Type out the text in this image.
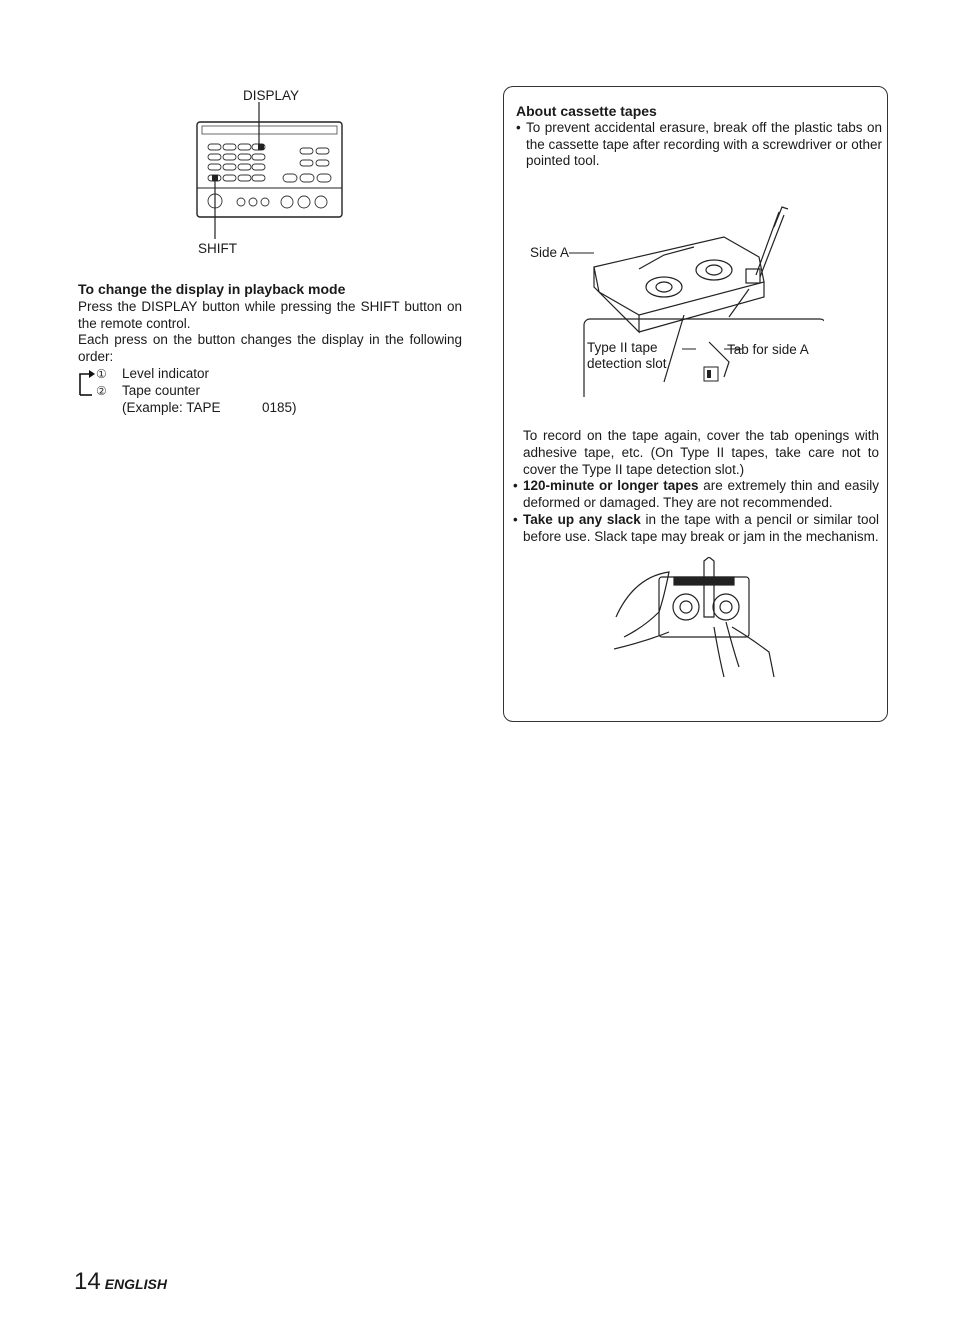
DISPLAY
SHIFT

To change the display in playback mode

Press the DISPLAY button while pressing the SHIFT button on the remote control.

Each press on the button changes the display in the following order:

① Level indicator
② Tape counter
(Example: TAPE	0185)

About cassette tapes

• To prevent accidental erasure, break off the plastic tabs on the cassette tape after recording with a screwdriver or other pointed tool.

Side A
Type II tape detection slot
Tab for side A

To record on the tape again, cover the tab openings with adhesive tape, etc. (On Type II tapes, take care not to cover the Type II tape detection slot.)

• 120-minute or longer tapes are extremely thin and easily deformed or damaged. They are not recommended.

• Take up any slack in the tape with a pencil or similar tool before use. Slack tape may break or jam in the mechanism.

14 ENGLISH
